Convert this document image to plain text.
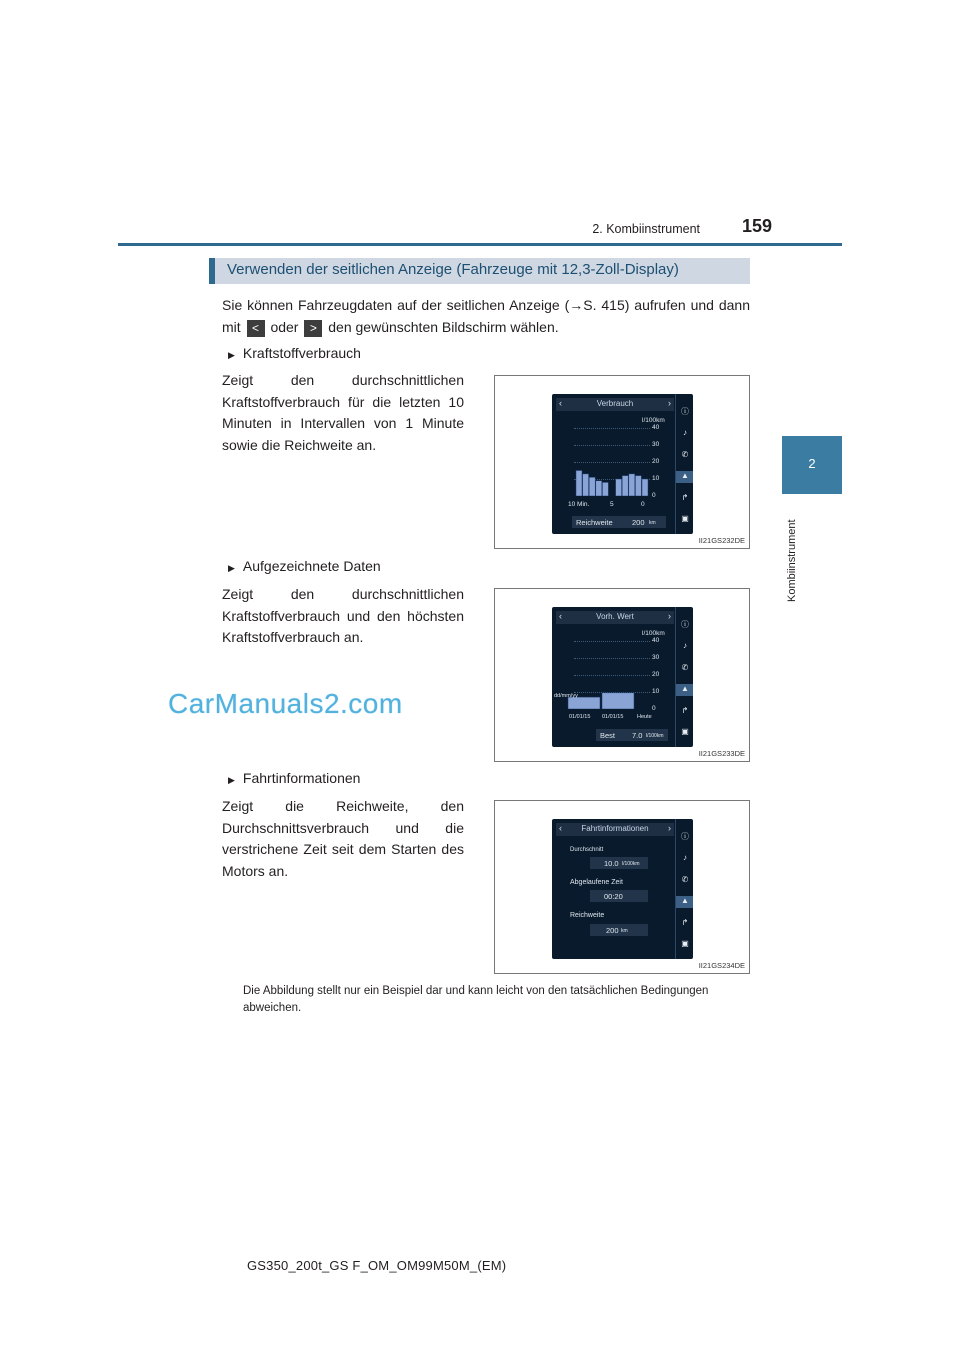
2. Kombiinstrument 159
2
Kombiinstrument
Verwenden der seitlichen Anzeige (Fahrzeuge mit 12,3-Zoll-Display)
Sie können Fahrzeugdaten auf der seitlichen Anzeige (→S. 415) aufrufen und dann mit < oder > den gewünschten Bildschirm wählen.
▶ Kraftstoffverbrauch
Zeigt den durchschnittlichen Kraftstoffverbrauch für die letzten 10 Minuten in Intervallen von 1 Minute sowie die Reichweite an.
‹	Verbrauch	›
l/100km
40
30
20
10
0
10 Min.	5	0
Reichweite	200 km
ⓘ
♪
✆
▲
↱
▣
II21GS232DE
▶ Aufgezeichnete Daten
Zeigt den durchschnittlichen Kraftstoffverbrauch und den höchsten Kraftstoffverbrauch an.
‹	Vorh. Wert	›
l/100km
40
30
20
10
0
dd/mm/yy
01/01/15 01/01/15 Heute
Best 7.0 l/100km
ⓘ
♪
✆
▲
↱
▣
II21GS233DE
▶ Fahrtinformationen
Zeigt die Reichweite, den Durchschnittsverbrauch und die verstrichene Zeit seit dem Starten des Motors an.
‹	Fahrtinformationen	›
Durchschnitt
10.0 l/100km
Abgelaufene Zeit
00:20
Reichweite
200 km
ⓘ
♪
✆
▲
↱
▣
II21GS234DE
Die Abbildung stellt nur ein Beispiel dar und kann leicht von den tatsächlichen Bedingungen abweichen.
CarManuals2.com
GS350_200t_GS F_OM_OM99M50M_(EM)
